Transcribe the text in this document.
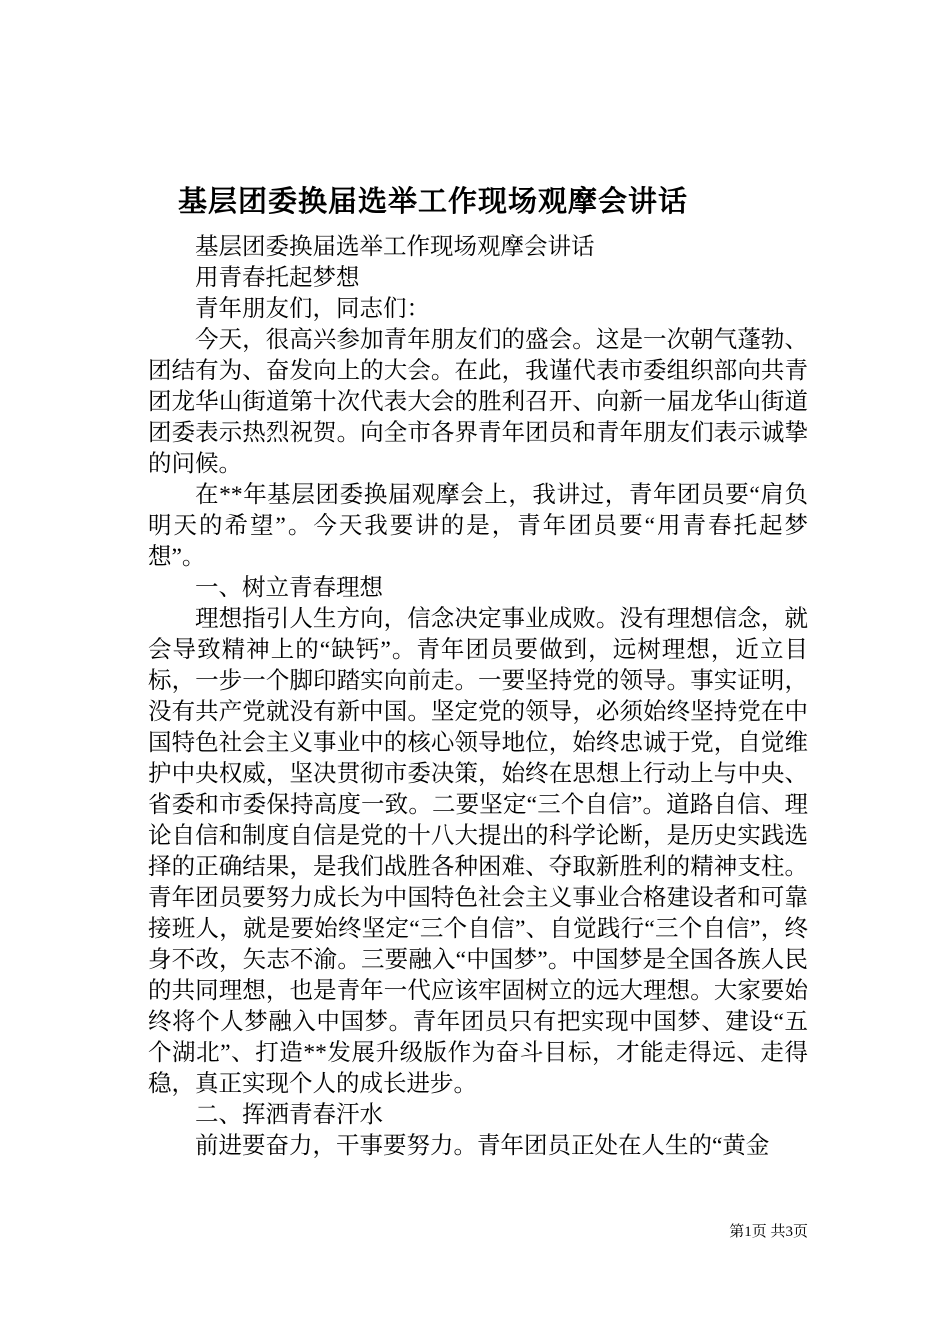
基层团委换届选举工作现场观摩会讲话

基层团委换届选举工作现场观摩会讲话

用青春托起梦想

青年朋友们，同志们：

今天，很高兴参加青年朋友们的盛会。这是一次朝气蓬勃、团结有为、奋发向上的大会。在此，我谨代表市委组织部向共青团龙华山街道第十次代表大会的胜利召开、向新一届龙华山街道团委表示热烈祝贺。向全市各界青年团员和青年朋友们表示诚挚的问候。

在**年基层团委换届观摩会上，我讲过，青年团员要“肩负明天的希望”。今天我要讲的是，青年团员要“用青春托起梦想”。

一、树立青春理想

理想指引人生方向，信念决定事业成败。没有理想信念，就会导致精神上的“缺钙”。青年团员要做到，远树理想，近立目标，一步一个脚印踏实向前走。一要坚持党的领导。事实证明，没有共产党就没有新中国。坚定党的领导，必须始终坚持党在中国特色社会主义事业中的核心领导地位，始终忠诚于党，自觉维护中央权威，坚决贯彻市委决策，始终在思想上行动上与中央、省委和市委保持高度一致。二要坚定“三个自信”。道路自信、理论自信和制度自信是党的十八大提出的科学论断，是历史实践选择的正确结果，是我们战胜各种困难、夺取新胜利的精神支柱。青年团员要努力成长为中国特色社会主义事业合格建设者和可靠接班人，就是要始终坚定“三个自信”、自觉践行“三个自信”，终身不改，矢志不渝。三要融入“中国梦”。中国梦是全国各族人民的共同理想，也是青年一代应该牢固树立的远大理想。大家要始终将个人梦融入中国梦。青年团员只有把实现中国梦、建设“五个湖北”、打造**发展升级版作为奋斗目标，才能走得远、走得稳，真正实现个人的成长进步。

二、挥洒青春汗水

前进要奋力，干事要努力。青年团员正处在人生的“黄金

第1页 共3页
